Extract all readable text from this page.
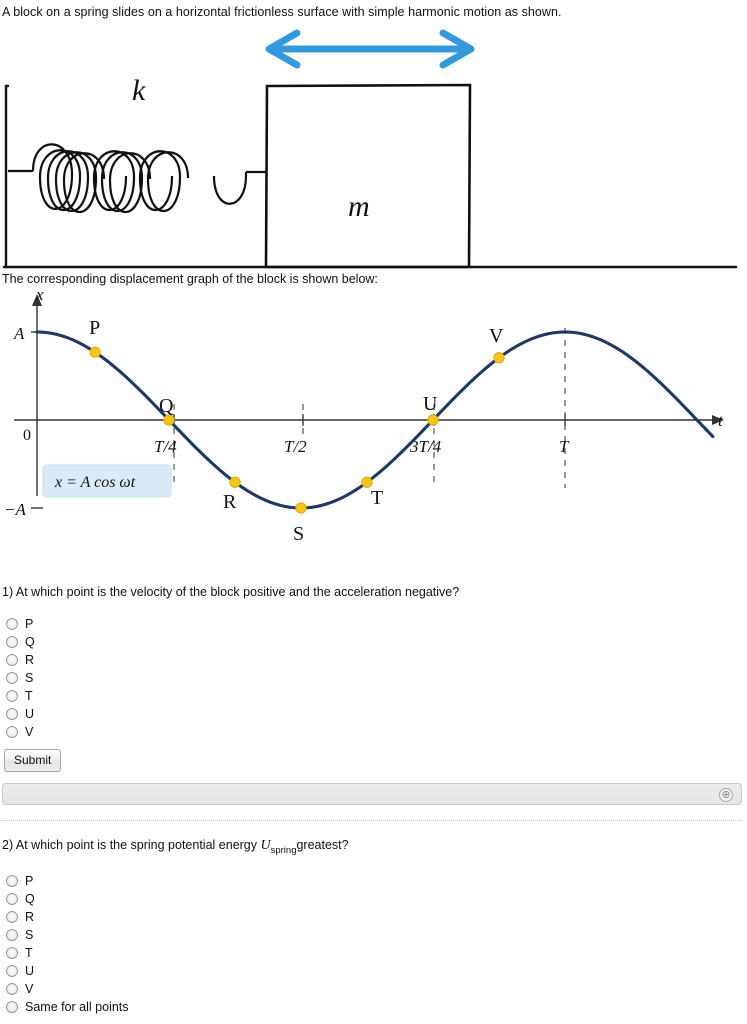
A block on a spring slides on a horizontal frictionless surface with simple harmonic motion as shown.
k
m
The corresponding displacement graph of the block is shown below:
x
t
A
−A
0
T/4	T/2	3T/4	T
P
Q
R
S
T
U
V
x = A cos ωt
1) At which point is the velocity of the block positive and the acceleration negative?
P
Q
R
S
T
U
V
Submit
⊕
2) At which point is the spring potential energy $U_{spring}greatest$?
P
Q
R
S
T
U
V
Same for all points
